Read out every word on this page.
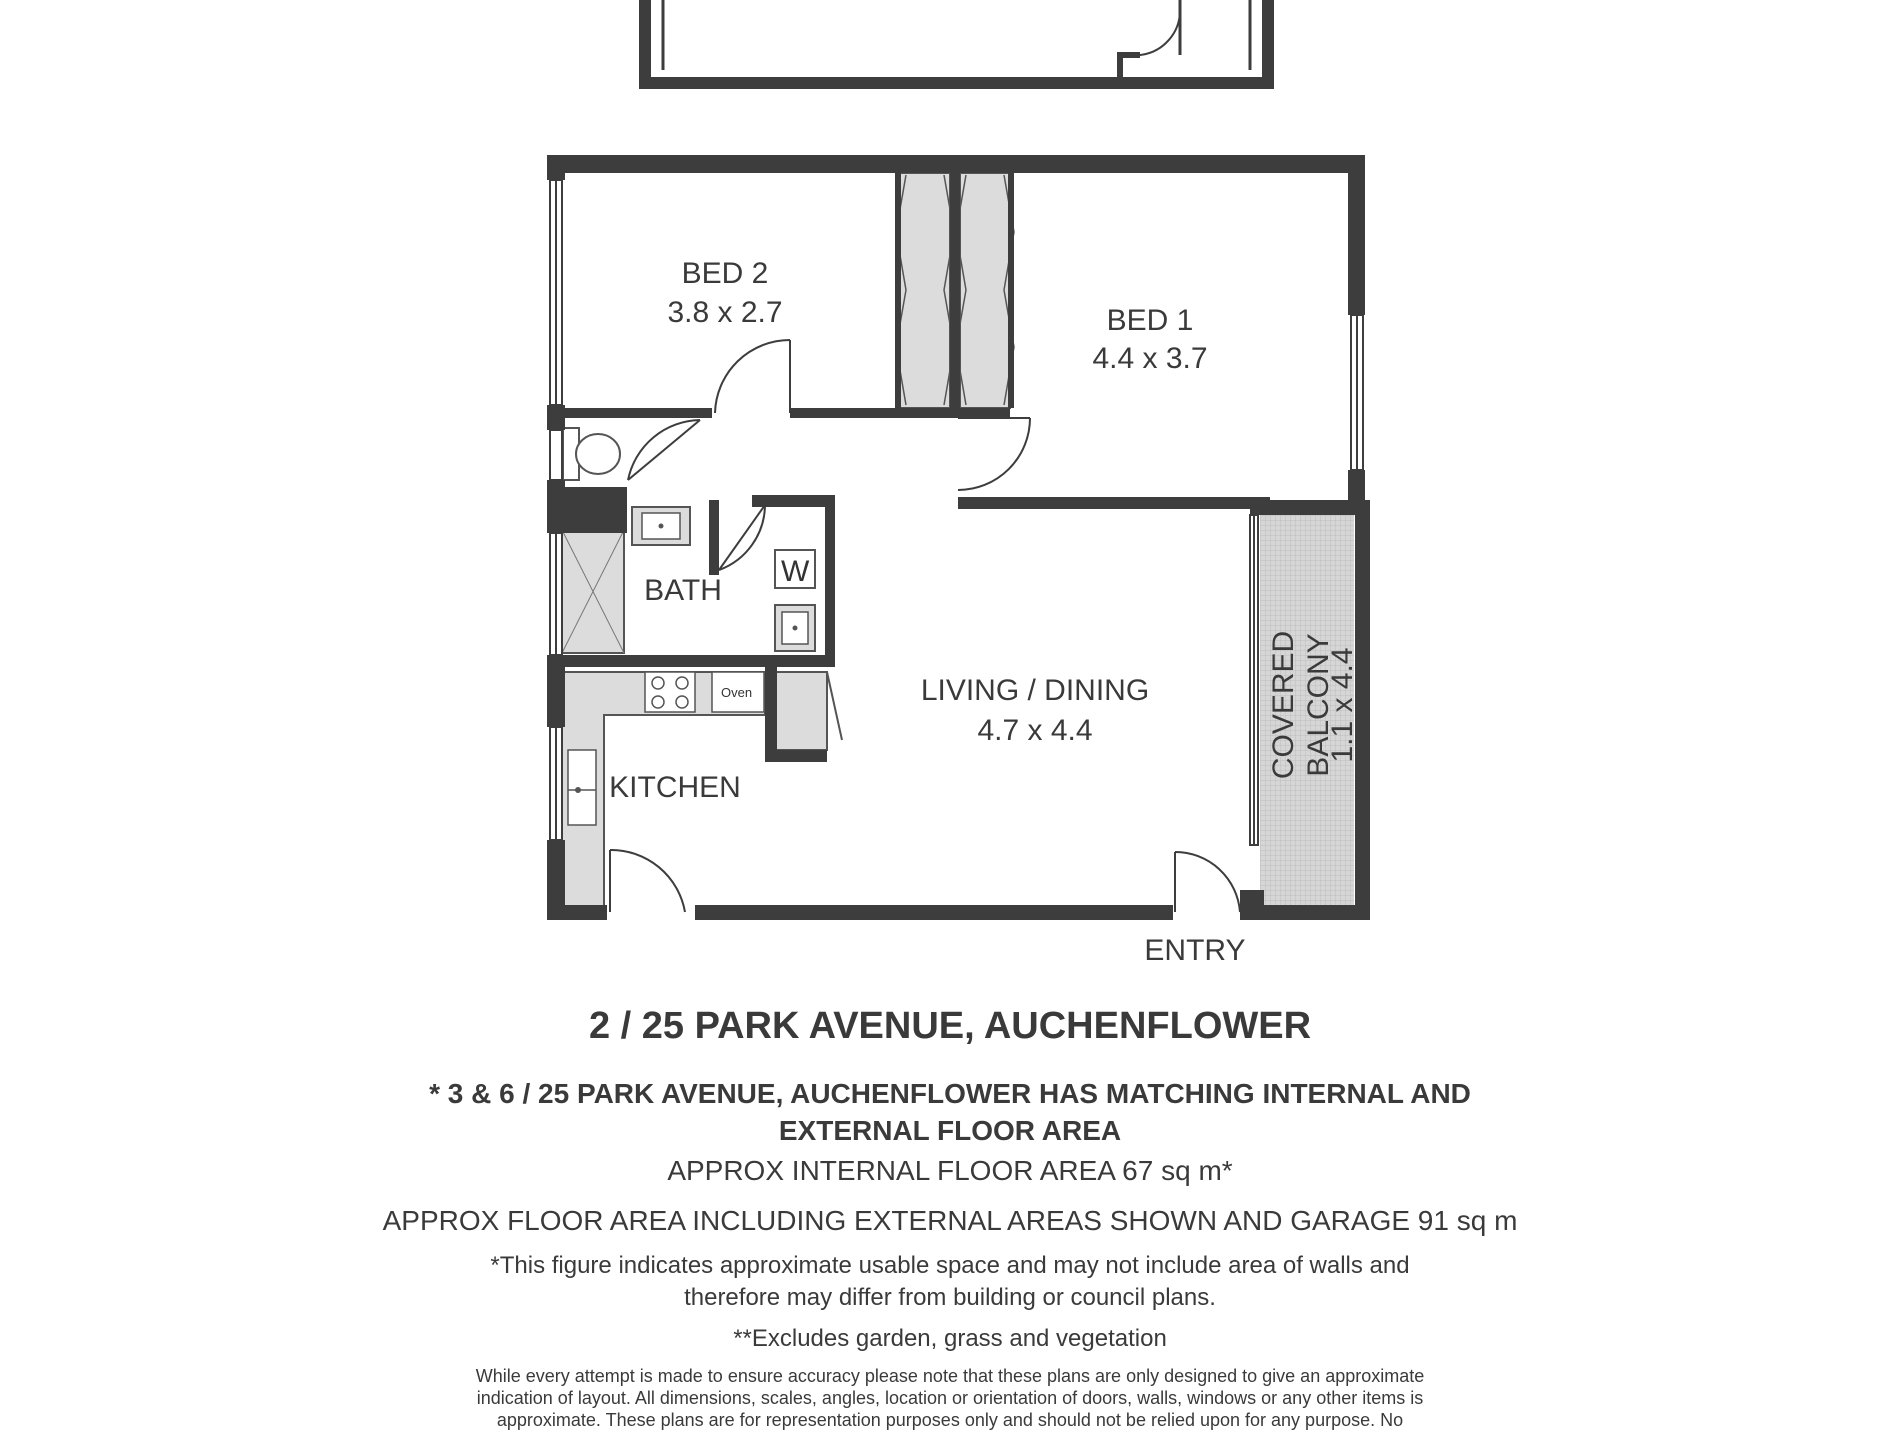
W
Oven
BED 2
3.8 x 2.7	BED 1
4.4 x 3.7
BATH
LIVING / DINING
4.7 x 4.4
KITCHEN
COVERED BALCONY
1.1 x 4.4
ENTRY
2 / 25 PARK AVENUE, AUCHENFLOWER
* 3 & 6 / 25 PARK AVENUE, AUCHENFLOWER HAS MATCHING INTERNAL AND
EXTERNAL FLOOR AREA
APPROX INTERNAL FLOOR AREA 67 sq m*
APPROX FLOOR AREA INCLUDING EXTERNAL AREAS SHOWN AND GARAGE 91 sq m
*This figure indicates approximate usable space and may not include area of walls and
therefore may differ from building or council plans.
**Excludes garden, grass and vegetation
While every attempt is made to ensure accuracy please note that these plans are only designed to give an approximate
indication of layout. All dimensions, scales, angles, location or orientation of doors, walls, windows or any other items is
approximate. These plans are for representation purposes only and should not be relied upon for any purpose. No
